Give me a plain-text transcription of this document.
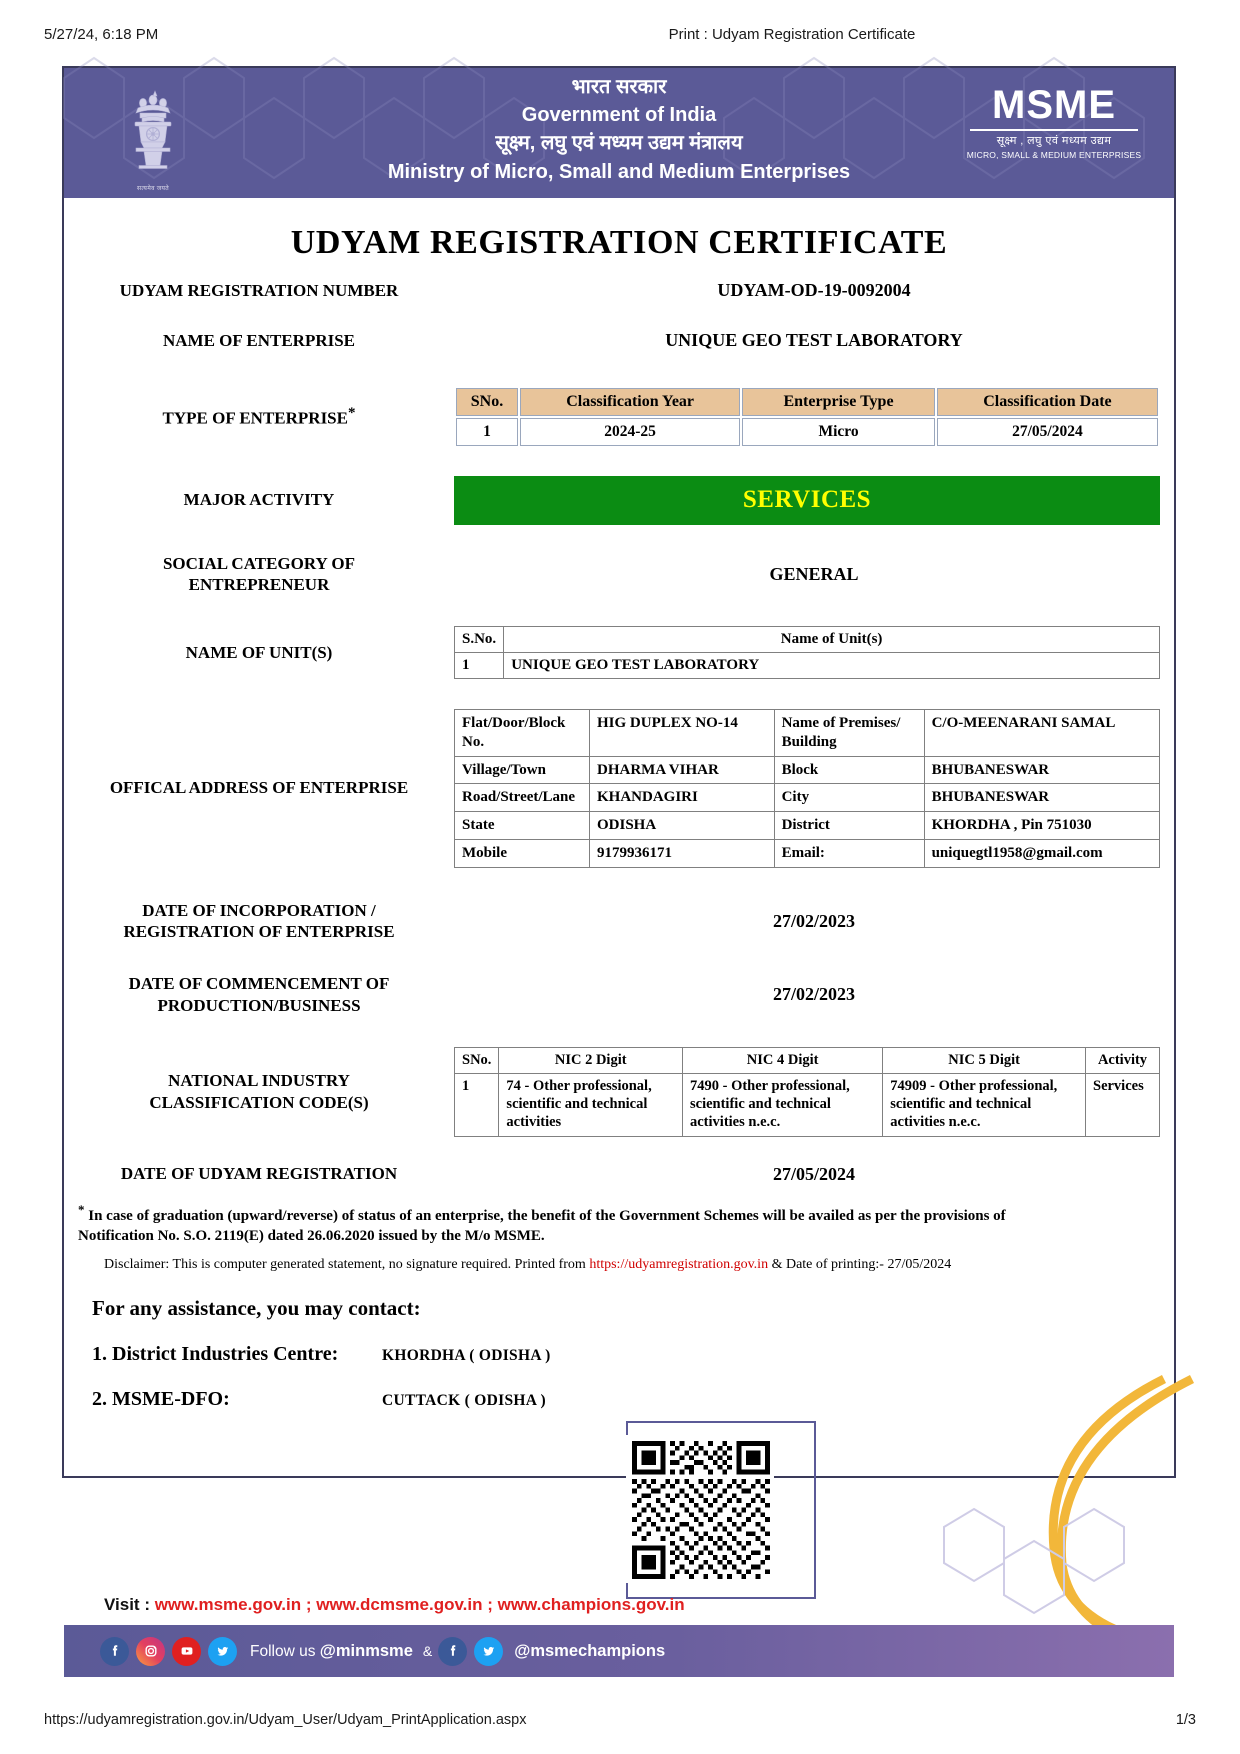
5/27/24, 6:18 PM	Print : Udyam Registration Certificate
सत्यमेव जयते
भारत सरकार
Government of India
सूक्ष्म, लघु एवं मध्यम उद्यम मंत्रालय
Ministry of Micro, Small and Medium Enterprises
MSME
सूक्ष्म , लघु एवं मध्यम उद्यम
MICRO, SMALL & MEDIUM ENTERPRISES
UDYAM REGISTRATION CERTIFICATE
UDYAM REGISTRATION NUMBER	UDYAM-OD-19-0092004
NAME OF ENTERPRISE	UNIQUE GEO TEST LABORATORY
TYPE OF ENTERPRISE*
SNo.	Classification Year	Enterprise Type	Classification Date
1	2024-25	Micro	27/05/2024
MAJOR ACTIVITY	SERVICES
SOCIAL CATEGORY OF
ENTREPRENEUR
GENERAL
NAME OF UNIT(S)
S.No.	Name of Unit(s)
1	UNIQUE GEO TEST LABORATORY
OFFICAL ADDRESS OF ENTERPRISE
Flat/Door/Block No.	HIG DUPLEX NO-14	Name of Premises/ Building	C/O-MEENARANI SAMAL
Village/Town	DHARMA VIHAR	Block	BHUBANESWAR
Road/Street/Lane	KHANDAGIRI	City	BHUBANESWAR
State	ODISHA	District	KHORDHA , Pin 751030
Mobile	9179936171	Email:	uniquegtl1958@gmail.com
DATE OF INCORPORATION /
REGISTRATION OF ENTERPRISE
27/02/2023
DATE OF COMMENCEMENT OF
PRODUCTION/BUSINESS
27/02/2023
NATIONAL INDUSTRY
CLASSIFICATION CODE(S)
SNo.	NIC 2 Digit	NIC 4 Digit	NIC 5 Digit	Activity
1	74 - Other professional, scientific and technical activities	7490 - Other professional, scientific and technical activities n.e.c.	74909 - Other professional, scientific and technical activities n.e.c.	Services
DATE OF UDYAM REGISTRATION	27/05/2024
* In case of graduation (upward/reverse) of status of an enterprise, the benefit of the Government Schemes will be availed as per the provisions of
Notification No. S.O. 2119(E) dated 26.06.2020 issued by the M/o MSME.
Disclaimer: This is computer generated statement, no signature required. Printed from https://udyamregistration.gov.in & Date of printing:- 27/05/2024
For any assistance, you may contact:
1. District Industries Centre:	KHORDHA ( ODISHA )
2. MSME-DFO:	CUTTACK ( ODISHA )
Visit : www.msme.gov.in ; www.dcmsme.gov.in ; www.champions.gov.in
Follow us @minmsme &	@msmechampions
https://udyamregistration.gov.in/Udyam_User/Udyam_PrintApplication.aspx	1/3
